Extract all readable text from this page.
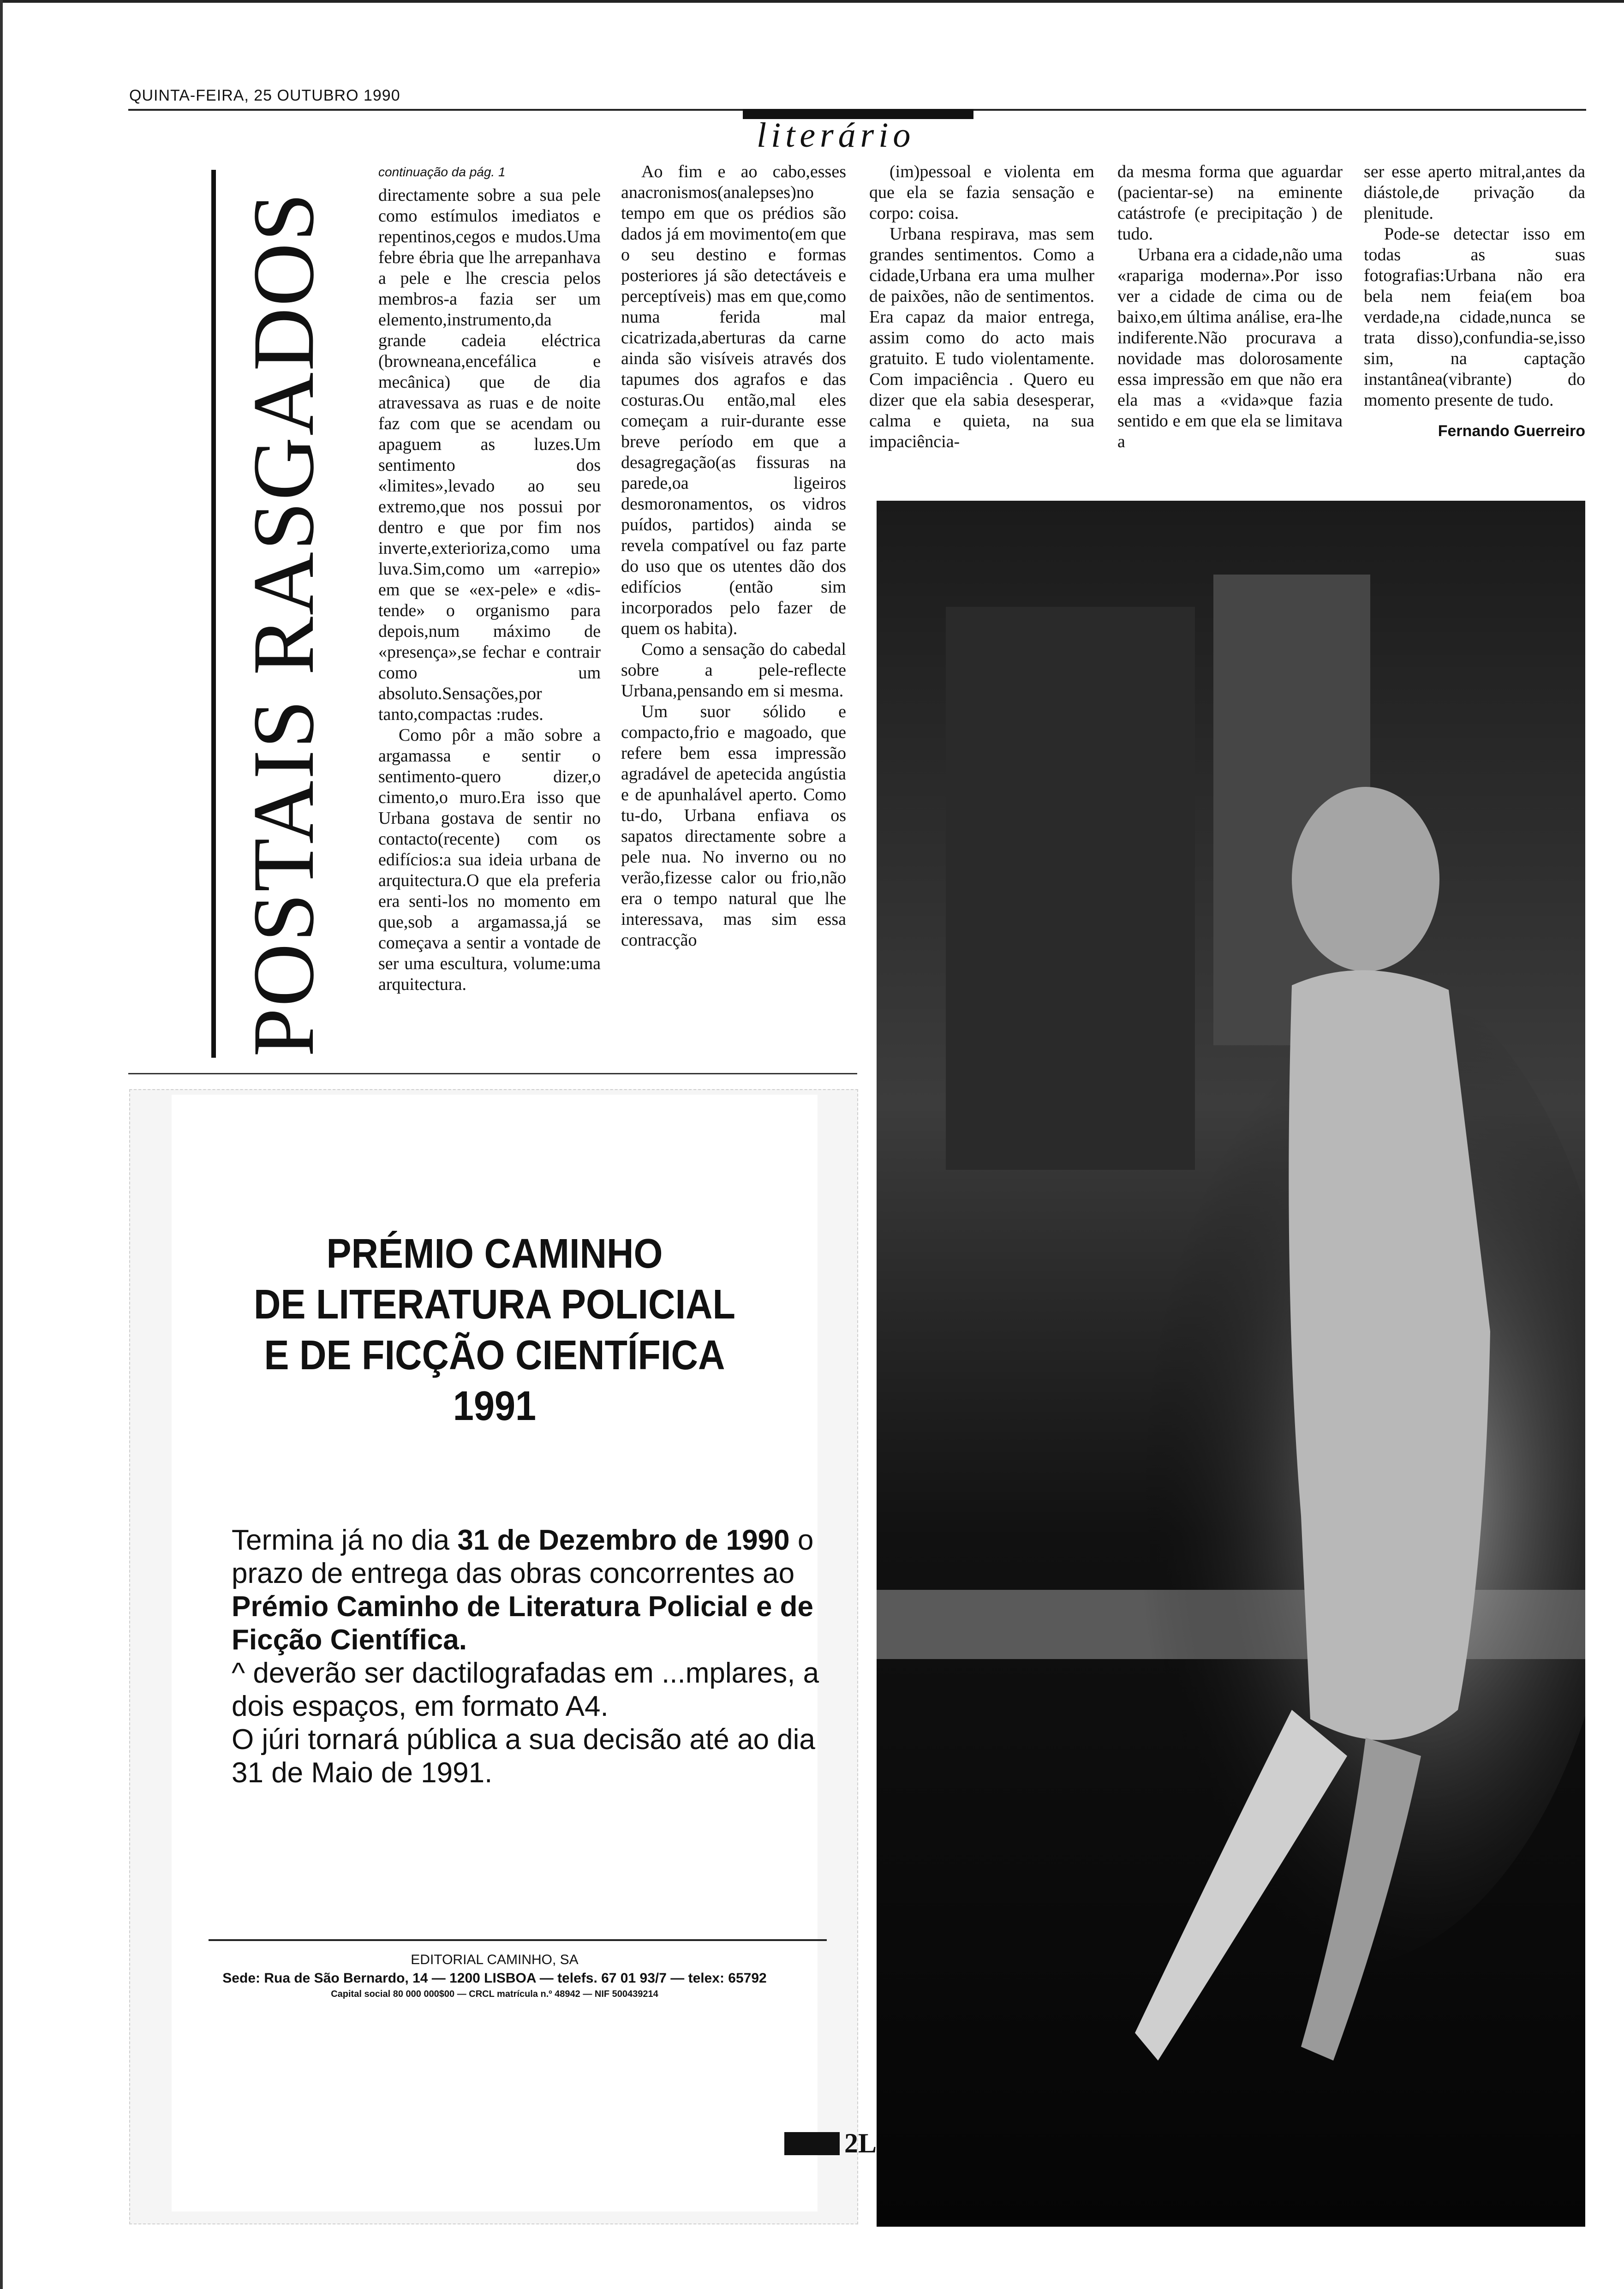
QUINTA-FEIRA, 25 OUTUBRO 1990
literário
POSTAIS RASGADOS
continuação da pág. 1

directamente sobre a sua pele como estímulos imediatos e repentinos,cegos e mudos.Uma febre ébria que lhe arrepanhava a pele e lhe crescia pelos membros-a fazia ser um elemento,instrumento,da grande cadeia eléctrica (browneana,encefálica e mecânica) que de dia atravessava as ruas e de noite faz com que se acendam ou apaguem as luzes.Um sentimento dos «limites»,levado ao seu extremo,que nos possui por dentro e que por fim nos inverte,exterioriza,como uma luva.Sim,como um «arrepio» em que se «ex-pele» e «dis-tende» o organismo para depois,num máximo de «presença»,se fechar e contrair como um absoluto.Sensações,por tanto,compactas :rudes.

Como pôr a mão sobre a argamassa e sentir o sentimento-quero dizer,o cimento,o muro.Era isso que Urbana gostava de sentir no contacto(recente) com os edifícios:a sua ideia urbana de arquitectura.O que ela preferia era senti-los no momento em que,sob a argamassa,já se começava a sentir a vontade de ser uma escultura, volume:uma arquitectura.

Ao fim e ao cabo,esses anacronismos(analepses)no tempo em que os prédios são dados já em movimento(em que o seu destino e formas posteriores já são detectáveis e perceptíveis) mas em que,como numa ferida mal cicatrizada,aberturas da carne ainda são visíveis através dos tapumes dos agrafos e das costuras.Ou então,mal eles começam a ruir-durante esse breve período em que a desagregação(as fissuras na parede,oa ligeiros desmoronamentos, os vidros puídos, partidos) ainda se revela compatível ou faz parte do uso que os utentes dão dos edifícios (então sim incorporados pelo fazer de quem os habita).

Como a sensação do cabedal sobre a pele-reflecte Urbana,pensando em si mesma.

Um suor sólido e compacto,frio e magoado, que refere bem essa impressão agradável de apetecida angústia e de apunhalável aperto. Como tu-do, Urbana enfiava os sapatos directamente sobre a pele nua. No inverno ou no verão,fizesse calor ou frio,não era o tempo natural que lhe interessava, mas sim essa contracção

(im)pessoal e violenta em que ela se fazia sensação e corpo: coisa.

Urbana respirava, mas sem grandes sentimentos. Como a cidade,Urbana era uma mulher de paixões, não de sentimentos. Era capaz da maior entrega, assim como do acto mais gratuito. E tudo violentamente. Com impaciência . Quero eu dizer que ela sabia desesperar, calma e quieta, na sua impaciência-

da mesma forma que aguardar (pacientar-se) na eminente catástrofe (e precipitação ) de tudo.

Urbana era a cidade,não uma «rapariga moderna».Por isso ver a cidade de cima ou de baixo,em última análise, era-lhe indiferente.Não procurava a novidade mas dolorosamente essa impressão em que não era ela mas a «vida»que fazia sentido e em que ela se limitava a

ser esse aperto mitral,antes da diástole,de privação da plenitude.

Pode-se detectar isso em todas as suas fotografias:Urbana não era bela nem feia(em boa verdade,na cidade,nunca se trata disso),confundia-se,isso sim, na captação instantânea(vibrante) do momento presente de tudo.

Fernando Guerreiro
PRÉMIO CAMINHO
DE LITERATURA POLICIAL
E DE FICÇÃO CIENTÍFICA
1991

Termina já no dia 31 de Dezembro de 1990 o prazo de entrega das obras concorrentes ao Prémio Caminho de Literatura Policial e de Ficção Científica.

^ deverão ser dactilografadas em ...mplares, a dois espaços, em formato A4.

O júri tornará pública a sua decisão até ao dia 31 de Maio de 1991.

EDITORIAL CAMINHO, SA
Sede: Rua de São Bernardo, 14 — 1200 LISBOA — telefs. 67 01 93/7 — telex: 65792
Capital social 80 000 000$00 — CRCL matrícula n.º 48942 — NIF 500439214
2L
